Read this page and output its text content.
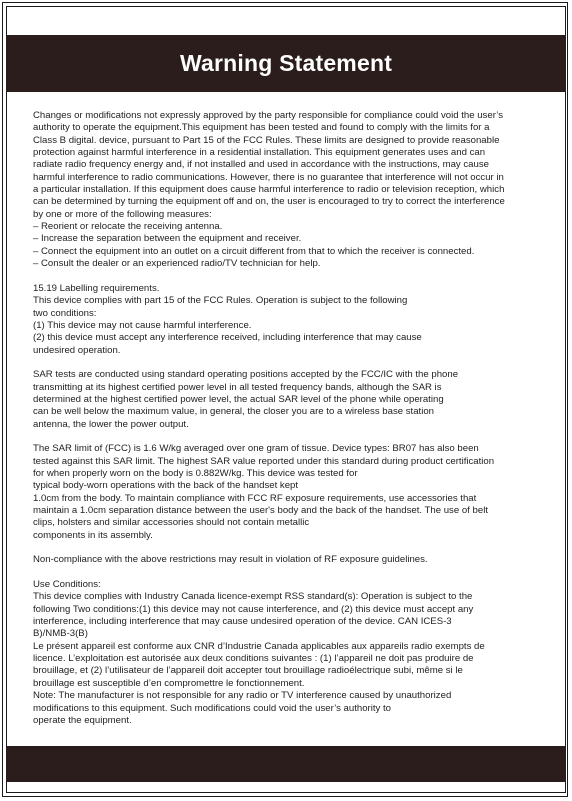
Warning Statement

Changes or modifications not expressly approved by the party responsible for compliance could void the user’s

authority to operate the equipment.This equipment has been tested and found to comply with the limits for a

Class B digital. device, pursuant to Part 15 of the FCC Rules. These limits are designed to provide reasonable

protection against harmful interference in a residential installation. This equipment generates uses and can

radiate radio frequency energy and, if not installed and used in accordance with the instructions, may cause

harmful interference to radio communications. However, there is no guarantee that interference will not occur in

a particular installation. If this equipment does cause harmful interference to radio or television reception, which

can be determined by turning the equipment off and on, the user is encouraged to try to correct the interference

by one or more of the following measures:

– Reorient or relocate the receiving antenna.

– Increase the separation between the equipment and receiver.

– Connect the equipment into an outlet on a circuit different from that to which the receiver is connected.

– Consult the dealer or an experienced radio/TV technician for help.

15.19 Labelling requirements.

This device complies with part 15 of the FCC Rules. Operation is subject to the following

two conditions:

(1) This device may not cause harmful interference.

(2) this device must accept any interference received, including interference that may cause

undesired operation.

SAR tests are conducted using standard operating positions accepted by the FCC/IC with the phone

transmitting at its highest certified power level in all tested frequency bands, although the SAR is

determined at the highest certified power level, the actual SAR level of the phone while operating

can be well below the maximum value, in general, the closer you are to a wireless base station

antenna, the lower the power output.

The SAR limit of (FCC) is 1.6 W/kg averaged over one gram of tissue. Device types: BR07 has also been

tested against this SAR limit. The highest SAR value reported under this standard during product certification

for when properly worn on the body is 0.882W/kg. This device was tested for

typical body-worn operations with the back of the handset kept

1.0cm from the body. To maintain compliance with FCC RF exposure requirements, use accessories that

maintain a 1.0cm separation distance between the user's body and the back of the handset. The use of belt

clips, holsters and similar accessories should not contain metallic

components in its assembly.

Non-compliance with the above restrictions may result in violation of RF exposure guidelines.

Use Conditions:

This device complies with Industry Canada licence-exempt RSS standard(s): Operation is subject to the

following Two conditions:(1) this device may not cause interference, and (2) this device must accept any

interference, including interference that may cause undesired operation of the device. CAN ICES-3

B)/NMB-3(B)

Le présent appareil est conforme aux CNR d’Industrie Canada applicables aux appareils radio exempts de

licence. L’exploitation est autorisée aux deux conditions suivantes : (1) l’appareil ne doit pas produire de

brouillage, et (2) l’utilisateur de l’appareil doit accepter tout brouillage radioélectrique subi, même si le

brouillage est susceptible d’en compromettre le fonctionnement.

Note: The manufacturer is not responsible for any radio or TV interference caused by unauthorized

modifications to this equipment. Such modifications could void the user’s authority to

operate the equipment.
